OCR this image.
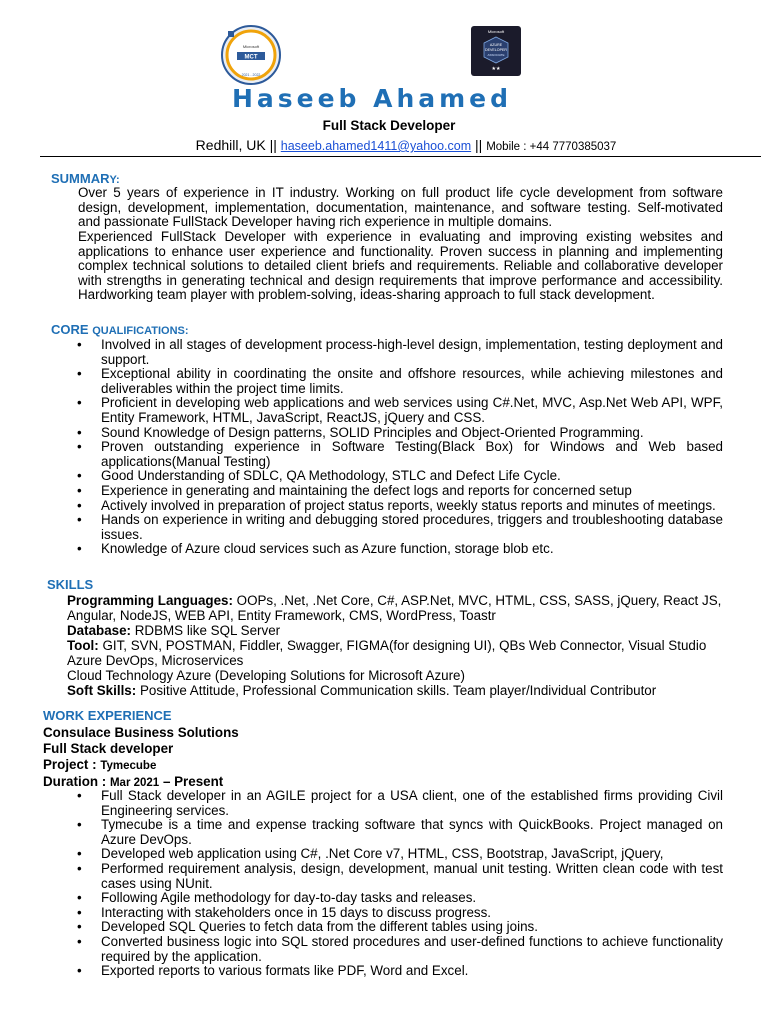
Microsoft
MCT
2021 - 2022
Microsoft
AZURE
DEVELOPER
ASSOCIATE
★★
Haseeb Ahamed
Full Stack Developer
Redhill, UK || haseeb.ahamed1411@yahoo.com || Mobile : +44 7770385037
SUMMARY:
Over 5 years of experience in IT industry. Working on full product life cycle development from software design, development, implementation, documentation, maintenance, and software testing. Self-motivated and passionate FullStack Developer having rich experience in multiple domains.
Experienced FullStack Developer with experience in evaluating and improving existing websites and applications to enhance user experience and functionality. Proven success in planning and implementing complex technical solutions to detailed client briefs and requirements. Reliable and collaborative developer with strengths in generating technical and design requirements that improve performance and accessibility. Hardworking team player with problem-solving, ideas-sharing approach to full stack development.
CORE QUALIFICATIONS:
• Involved in all stages of development process-high-level design, implementation, testing deployment and support.
• Exceptional ability in coordinating the onsite and offshore resources, while achieving milestones and deliverables within the project time limits.
• Proficient in developing web applications and web services using C#.Net, MVC, Asp.Net Web API, WPF, Entity Framework, HTML, JavaScript, ReactJS, jQuery and CSS.
• Sound Knowledge of Design patterns, SOLID Principles and Object-Oriented Programming.
• Proven outstanding experience in Software Testing(Black Box) for Windows and Web based applications(Manual Testing)
• Good Understanding of SDLC, QA Methodology, STLC and Defect Life Cycle.
• Experience in generating and maintaining the defect logs and reports for concerned setup
• Actively involved in preparation of project status reports, weekly status reports and minutes of meetings.
• Hands on experience in writing and debugging stored procedures, triggers and troubleshooting database issues.
• Knowledge of Azure cloud services such as Azure function, storage blob etc.
SKILLS
Programming Languages: OOPs, .Net, .Net Core, C#, ASP.Net, MVC, HTML, CSS, SASS, jQuery, React JS, Angular, NodeJS, WEB API, Entity Framework, CMS, WordPress, Toastr
Database: RDBMS like SQL Server
Tool: GIT, SVN, POSTMAN, Fiddler, Swagger, FIGMA(for designing UI), QBs Web Connector, Visual Studio Azure DevOps, Microservices
Cloud Technology Azure (Developing Solutions for Microsoft Azure)
Soft Skills: Positive Attitude, Professional Communication skills. Team player/Individual Contributor
WORK EXPERIENCE
Consulace Business Solutions
Full Stack developer
Project : Tymecube
Duration : Mar 2021 – Present
• Full Stack developer in an AGILE project for a USA client, one of the established firms providing Civil Engineering services.
• Tymecube is a time and expense tracking software that syncs with QuickBooks. Project managed on Azure DevOps.
• Developed web application using C#, .Net Core v7, HTML, CSS, Bootstrap, JavaScript, jQuery,
• Performed requirement analysis, design, development, manual unit testing. Written clean code with test cases using NUnit.
• Following Agile methodology for day-to-day tasks and releases.
• Interacting with stakeholders once in 15 days to discuss progress.
• Developed SQL Queries to fetch data from the different tables using joins.
• Converted business logic into SQL stored procedures and user-defined functions to achieve functionality required by the application.
• Exported reports to various formats like PDF, Word and Excel.
